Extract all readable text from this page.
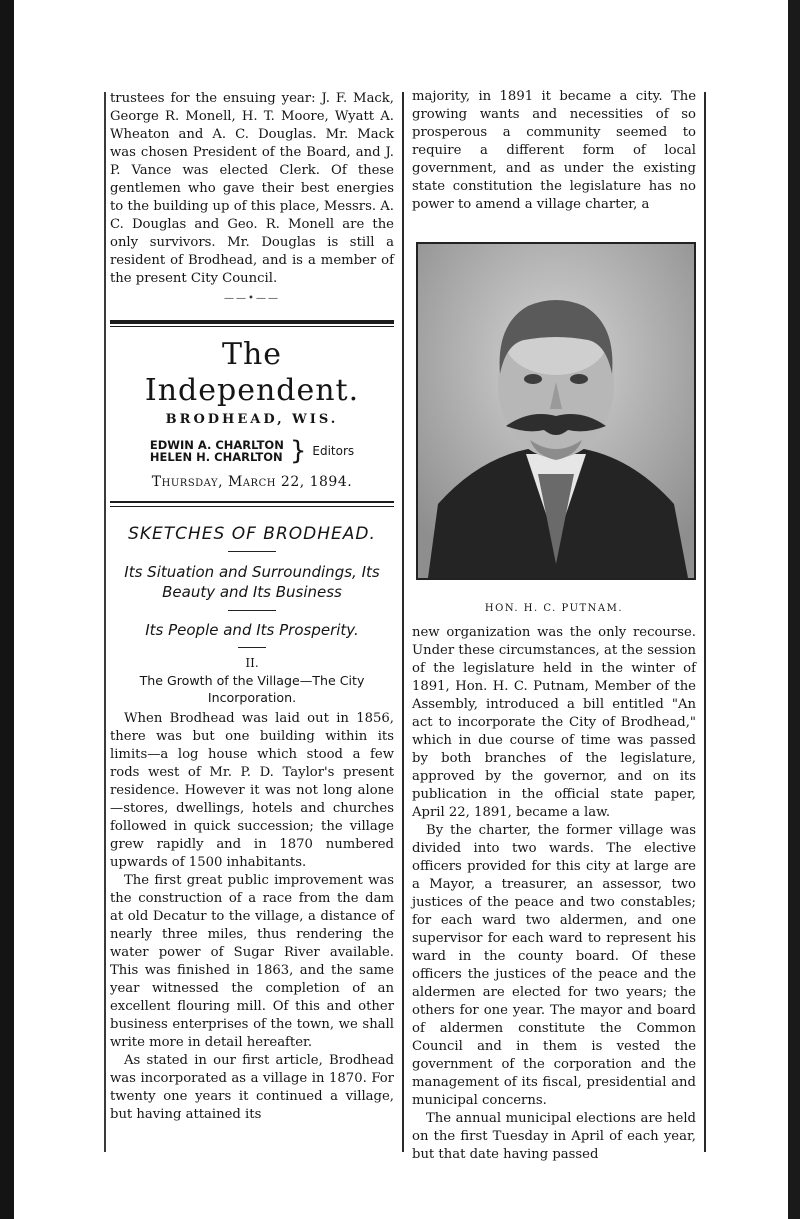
trustees for the ensuing year: J. F. Mack, George R. Monell, H. T. Moore, Wyatt A. Wheaton and A. C. Douglas. Mr. Mack was chosen President of the Board, and J. P. Vance was elected Clerk. Of these gentlemen who gave their best energies to the building up of this place, Messrs. A. C. Douglas and Geo. R. Monell are the only survivors. Mr. Douglas is still a resident of Brodhead, and is a member of the present City Council.

——•——
The Independent.
BRODHEAD, WIS.
EDWIN A. CHARLTON
HELEN H. CHARLTON } Editors
Thursday, March 22, 1894.
SKETCHES OF BRODHEAD.
Its Situation and Surroundings, Its Beauty and Its Business
Its People and Its Prosperity.
II.
The Growth of the Village—The City Incorporation.

When Brodhead was laid out in 1856, there was but one building within its limits—a log house which stood a few rods west of Mr. P. D. Taylor's present residence. However it was not long alone—stores, dwellings, hotels and churches followed in quick succession; the village grew rapidly and in 1870 numbered upwards of 1500 inhabitants.

The first great public improvement was the construction of a race from the dam at old Decatur to the village, a distance of nearly three miles, thus rendering the water power of Sugar River available. This was finished in 1863, and the same year witnessed the completion of an excellent flouring mill. Of this and other business enterprises of the town, we shall write more in detail hereafter.

As stated in our first article, Brodhead was incorporated as a village in 1870. For twenty one years it continued a village, but having attained its

majority, in 1891 it became a city. The growing wants and necessities of so prosperous a community seemed to require a different form of local government, and as under the existing state constitution the legislature has no power to amend a village charter, a

HON. H. C. PUTNAM.

new organization was the only recourse. Under these circumstances, at the session of the legislature held in the winter of 1891, Hon. H. C. Putnam, Member of the Assembly, introduced a bill entitled "An act to incorporate the City of Brodhead," which in due course of time was passed by both branches of the legislature, approved by the governor, and on its publication in the official state paper, April 22, 1891, became a law.

By the charter, the former village was divided into two wards. The elective officers provided for this city at large are a Mayor, a treasurer, an assessor, two justices of the peace and two constables; for each ward two aldermen, and one supervisor for each ward to represent his ward in the county board. Of these officers the justices of the peace and the aldermen are elected for two years; the others for one year. The mayor and board of aldermen constitute the Common Council and in them is vested the government of the corporation and the management of its fiscal, presidential and municipal concerns.

The annual municipal elections are held on the first Tuesday in April of each year, but that date having passed
